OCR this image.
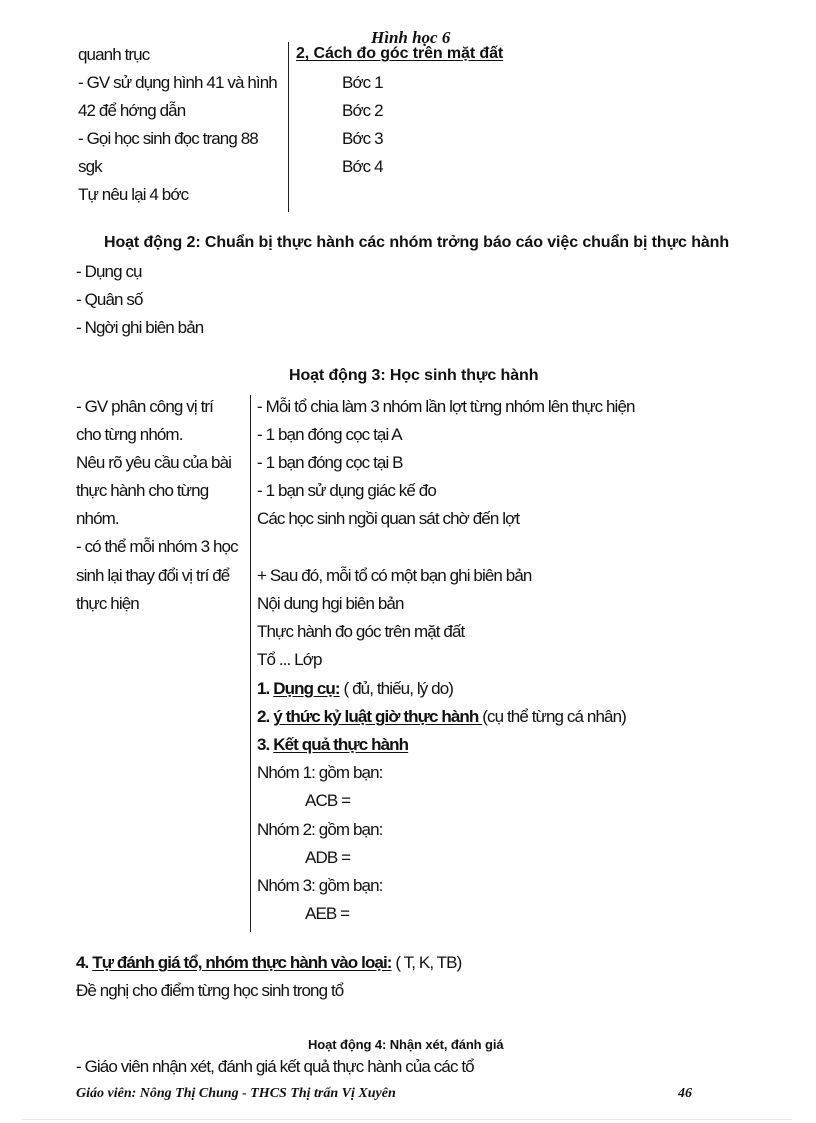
Hình học 6
quanh trục
- GV sử dụng hình 41 và hình
42 để hớng dẫn
- Gọi học sinh đọc trang 88
sgk
Tự nêu lại 4 bớc
2, Cách đo góc trên mặt đất
Bớc 1
Bớc 2
Bớc 3
Bớc 4
Hoạt động 2: Chuẩn bị thực hành các nhóm trởng báo cáo việc chuẩn bị thực hành
- Dụng cụ
- Quân số
- Ngời ghi biên bản
Hoạt động 3: Học sinh thực hành
- GV phân công vị trí
cho từng nhóm.
Nêu rõ yêu cầu của bài
thực hành cho từng
nhóm.
- có thể mỗi nhóm 3 học
sinh lại thay đổi vị trí để
thực hiện
- Mỗi tổ chia làm 3 nhóm lần lợt từng nhóm lên thực hiện
- 1 bạn đóng cọc tại A
- 1 bạn đóng cọc tại B
- 1 bạn sử dụng giác kế đo
Các học sinh ngồi quan sát chờ đến lợt
+ Sau đó, mỗi tổ có một bạn ghi biên bản
Nội dung hgi biên bản
Thực hành đo góc trên mặt đất
Tổ ... Lớp
1. Dụng cụ: ( đủ, thiếu, lý do)
2. ý thức kỷ luật giờ thực hành (cụ thể từng cá nhân)
3. Kết quả thực hành
Nhóm 1: gồm bạn:
ACB =
Nhóm 2: gồm bạn:
ADB =
Nhóm 3: gồm bạn:
AEB =
4. Tự đánh giá tổ, nhóm thực hành vào loại: ( T, K, TB)
Đề nghị cho điểm từng học sinh trong tổ
Hoạt động 4: Nhận xét, đánh giá
- Giáo viên nhận xét, đánh giá kết quả thực hành của các tổ
Giáo viên: Nông Thị Chung - THCS Thị trấn Vị Xuyên	46
